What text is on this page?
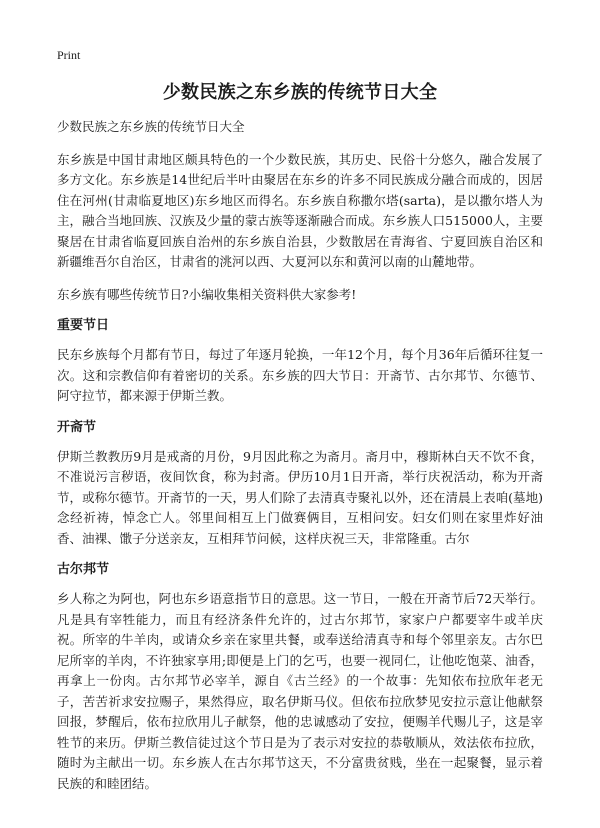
Print
少数民族之东乡族的传统节日大全

少数民族之东乡族的传统节日大全

东乡族是中国甘肃地区颇具特色的一个少数民族，其历史、民俗十分悠久，融合发展了多方文化。东乡族是14世纪后半叶由聚居在东乡的许多不同民族成分融合而成的，因居住在河州(甘肃临夏地区)东乡地区而得名。东乡族自称撒尔塔(sarta)，是以撒尔塔人为主，融合当地回族、汉族及少量的蒙古族等逐渐融合而成。东乡族人口515000人，主要聚居在甘肃省临夏回族自治州的东乡族自治县，少数散居在青海省、宁夏回族自治区和新疆维吾尔自治区，甘肃省的洮河以西、大夏河以东和黄河以南的山麓地带。

东乡族有哪些传统节日?小编收集相关资料供大家参考!

重要节日

民东乡族每个月都有节日，每过了年逐月轮换，一年12个月，每个月36年后循环往复一次。这和宗教信仰有着密切的关系。东乡族的四大节日：开斋节、古尔邦节、尔德节、阿守拉节，都来源于伊斯兰教。

开斋节

伊斯兰教教历9月是戒斋的月份，9月因此称之为斋月。斋月中，穆斯林白天不饮不食，不准说污言秽语，夜间饮食，称为封斋。伊历10月1日开斋，举行庆祝活动，称为开斋节，或称尔德节。开斋节的一天，男人们除了去清真寺聚礼以外，还在清晨上表咱(墓地)念经祈祷，悼念亡人。邻里间相互上门做赛俩目，互相问安。妇女们则在家里炸好油香、油裸、馓子分送亲友，互相拜节问候，这样庆祝三天，非常隆重。古尔

古尔邦节

乡人称之为阿也，阿也东乡语意指节日的意思。这一节日，一般在开斋节后72天举行。凡是具有宰牲能力，而且有经济条件允许的，过古尔邦节，家家户户都要宰牛或羊庆祝。所宰的牛羊肉，或请众乡亲在家里共餐，或奉送给清真寺和每个邻里亲友。古尔巴尼所宰的羊肉，不许独家享用;即便是上门的乞丐，也要一视同仁，让他吃饱菜、油香，再拿上一份肉。古尔邦节必宰羊，源自《古兰经》的一个故事：先知依布拉欣年老无子，苦苦祈求安拉赐子，果然得应，取名伊斯马仪。但依布拉欣梦见安拉示意让他献祭回报，梦醒后，依布拉欣用儿子献祭，他的忠诚感动了安拉，便赐羊代赐儿子，这是宰牲节的来历。伊斯兰教信徒过这个节日是为了表示对安拉的恭敬顺从，效法依布拉欣，随时为主献出一切。东乡族人在古尔邦节这天，不分富贵贫贱，坐在一起聚餐，显示着民族的和睦团结。
